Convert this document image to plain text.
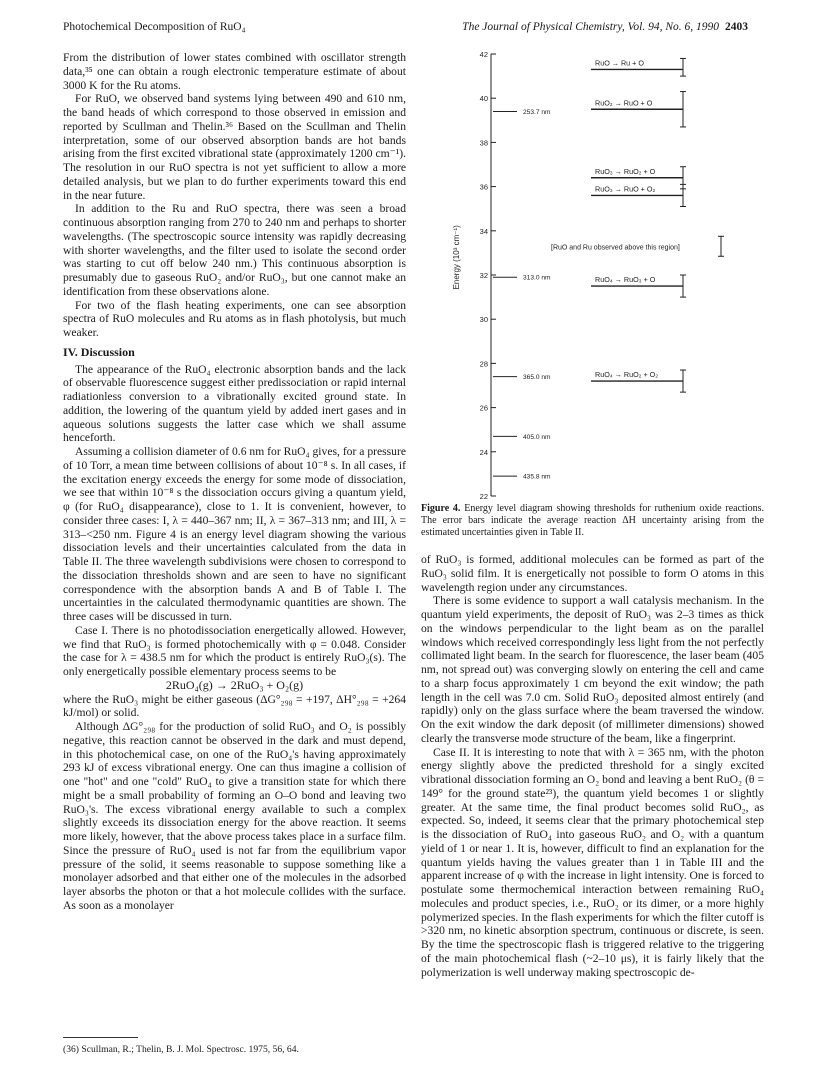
Photochemical Decomposition of RuO₄	The Journal of Physical Chemistry, Vol. 94, No. 6, 1990 2403

From the distribution of lower states combined with oscillator strength data,³⁵ one can obtain a rough electronic temperature estimate of about 3000 K for the Ru atoms.

For RuO, we observed band systems lying between 490 and 610 nm, the band heads of which correspond to those observed in emission and reported by Scullman and Thelin.³⁶ Based on the Scullman and Thelin interpretation, some of our observed absorption bands are hot bands arising from the first excited vibrational state (approximately 1200 cm⁻¹). The resolution in our RuO spectra is not yet sufficient to allow a more detailed analysis, but we plan to do further experiments toward this end in the near future.

In addition to the Ru and RuO spectra, there was seen a broad continuous absorption ranging from 270 to 240 nm and perhaps to shorter wavelengths. (The spectroscopic source intensity was rapidly decreasing with shorter wavelengths, and the filter used to isolate the second order was starting to cut off below 240 nm.) This continuous absorption is presumably due to gaseous RuO₂ and/or RuO₃, but one cannot make an identification from these observations alone.

For two of the flash heating experiments, one can see absorption spectra of RuO molecules and Ru atoms as in flash photolysis, but much weaker.

IV. Discussion

The appearance of the RuO₄ electronic absorption bands and the lack of observable fluorescence suggest either predissociation or rapid internal radiationless conversion to a vibrationally excited ground state. In addition, the lowering of the quantum yield by added inert gases and in aqueous solutions suggests the latter case which we shall assume henceforth.

Assuming a collision diameter of 0.6 nm for RuO₄ gives, for a pressure of 10 Torr, a mean time between collisions of about 10⁻⁸ s. In all cases, if the excitation energy exceeds the energy for some mode of dissociation, we see that within 10⁻⁸ s the dissociation occurs giving a quantum yield, φ (for RuO₄ disappearance), close to 1. It is convenient, however, to consider three cases: I, λ = 440–367 nm; II, λ = 367–313 nm; and III, λ = 313–<250 nm. Figure 4 is an energy level diagram showing the various dissociation levels and their uncertainties calculated from the data in Table II. The three wavelength subdivisions were chosen to correspond to the dissociation thresholds shown and are seen to have no significant correspondence with the absorption bands A and B of Table I. The uncertainties in the calculated thermodynamic quantities are shown. The three cases will be discussed in turn.

Case I. There is no photodissociation energetically allowed. However, we find that RuO₃ is formed photochemically with φ = 0.048. Consider the case for λ = 438.5 nm for which the product is entirely RuO₃(s). The only energetically possible elementary process seems to be

2RuO₄(g) → 2RuO₃ + O₂(g)

where the RuO₃ might be either gaseous (ΔG°₂₉₈ = +197, ΔH°₂₉₈ = +264 kJ/mol) or solid.

Although ΔG°₂₉₈ for the production of solid RuO₃ and O₂ is possibly negative, this reaction cannot be observed in the dark and must depend, in this photochemical case, on one of the RuO₄'s having approximately 293 kJ of excess vibrational energy. One can thus imagine a collision of one "hot" and one "cold" RuO₄ to give a transition state for which there might be a small probability of forming an O–O bond and leaving two RuO₃'s. The excess vibrational energy available to such a complex slightly exceeds its dissociation energy for the above reaction. It seems more likely, however, that the above process takes place in a surface film. Since the pressure of RuO₄ used is not far from the equilibrium vapor pressure of the solid, it seems reasonable to suppose something like a monolayer adsorbed and that either one of the molecules in the adsorbed layer absorbs the photon or that a hot molecule collides with the surface. As soon as a monolayer

(36) Scullman, R.; Thelin, B. J. Mol. Spectrosc. 1975, 56, 64.
42
40
38
36
34
32
30
28
26
24
22
Energy (10³ cm⁻¹)
253.7 nm
313.0 nm
365.0 nm
405.0 nm
435.8 nm
RuO → Ru + O
RuO₂ → RuO + O
RuO₃ → RuO₂ + O
RuO₃ → RuO + O₂
RuO₄ → RuO₃ + O
RuO₄ → RuO₂ + O₂
[RuO and Ru observed above this region]
Figure 4. Energy level diagram showing thresholds for ruthenium oxide reactions. The error bars indicate the average reaction ΔH uncertainty arising from the estimated uncertainties given in Table II.

of RuO₃ is formed, additional molecules can be formed as part of the RuO₃ solid film. It is energetically not possible to form O atoms in this wavelength region under any circumstances.

There is some evidence to support a wall catalysis mechanism. In the quantum yield experiments, the deposit of RuO₃ was 2–3 times as thick on the windows perpendicular to the light beam as on the parallel windows which received correspondingly less light from the not perfectly collimated light beam. In the search for fluorescence, the laser beam (405 nm, not spread out) was converging slowly on entering the cell and came to a sharp focus approximately 1 cm beyond the exit window; the path length in the cell was 7.0 cm. Solid RuO₃ deposited almost entirely (and rapidly) only on the glass surface where the beam traversed the window. On the exit window the dark deposit (of millimeter dimensions) showed clearly the transverse mode structure of the beam, like a fingerprint.

Case II. It is interesting to note that with λ = 365 nm, with the photon energy slightly above the predicted threshold for a singly excited vibrational dissociation forming an O₂ bond and leaving a bent RuO₂ (θ = 149° for the ground state²³), the quantum yield becomes 1 or slightly greater. At the same time, the final product becomes solid RuO₂, as expected. So, indeed, it seems clear that the primary photochemical step is the dissociation of RuO₄ into gaseous RuO₂ and O₂ with a quantum yield of 1 or near 1. It is, however, difficult to find an explanation for the quantum yields having the values greater than 1 in Table III and the apparent increase of φ with the increase in light intensity. One is forced to postulate some thermochemical interaction between remaining RuO₄ molecules and product species, i.e., RuO₂ or its dimer, or a more highly polymerized species. In the flash experiments for which the filter cutoff is >320 nm, no kinetic absorption spectrum, continuous or discrete, is seen. By the time the spectroscopic flash is triggered relative to the triggering of the main photochemical flash (~2–10 μs), it is fairly likely that the polymerization is well underway making spectroscopic de-
